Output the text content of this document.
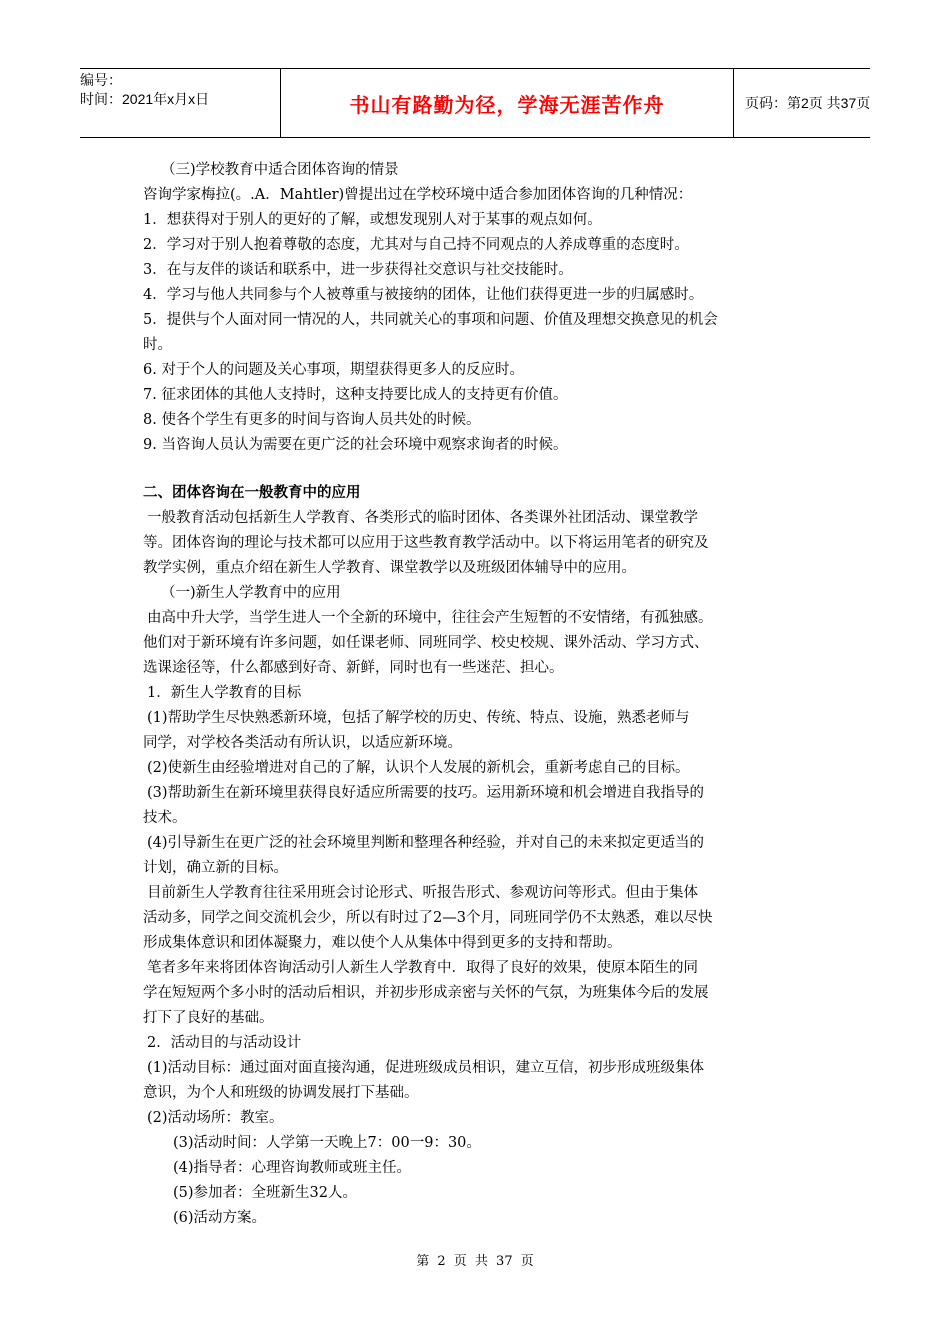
编号：
时间：2021年x月x日	书山有路勤为径，学海无涯苦作舟	页码：第2页 共37页
（三)学校教育中适合团体咨询的情景
咨询学家梅拉(。.A．Mahtler)曾提出过在学校环境中适合参加团体咨询的几种情况：
1．想获得对于别人的更好的了解，或想发现别人对于某事的观点如何。
2．学习对于别人抱着尊敬的态度，尤其对与自己持不同观点的人养成尊重的态度时。
3．在与友伴的谈话和联系中，进一步获得社交意识与社交技能时。
4．学习与他人共同参与个人被尊重与被接纳的团体，让他们获得更进一步的归属感时。
5．提供与个人面对同一情况的人，共同就关心的事项和问题、价值及理想交换意见的机会
时。
6. 对于个人的问题及关心事项，期望获得更多人的反应时。
7. 征求团体的其他人支持时，这种支持要比成人的支持更有价值。
8. 使各个学生有更多的时间与咨询人员共处的时候。
9. 当咨询人员认为需要在更广泛的社会环境中观察求询者的时候。
二、团体咨询在一般教育中的应用
一般教育活动包括新生人学教育、各类形式的临时团体、各类课外社团活动、课堂教学
等。团体咨询的理论与技术都可以应用于这些教育教学活动中。以下将运用笔者的研究及
教学实例，重点介绍在新生人学教育、课堂教学以及班级团体辅导中的应用。
（一)新生人学教育中的应用
由高中升大学，当学生进人一个全新的环境中，往往会产生短暂的不安情绪，有孤独感。
他们对于新环境有许多问题，如任课老师、同班同学、校史校规、课外活动、学习方式、
选课途径等，什么都感到好奇、新鲜，同时也有一些迷茫、担心。
1．新生人学教育的目标
(1)帮助学生尽快熟悉新环境，包括了解学校的历史、传统、特点、设施，熟悉老师与
同学，对学校各类活动有所认识，以适应新环境。
(2)使新生由经验增进对自己的了解，认识个人发展的新机会，重新考虑自己的目标。
(3)帮助新生在新环境里获得良好适应所需要的技巧。运用新环境和机会增进自我指导的
技术。
(4)引导新生在更广泛的社会环境里判断和整理各种经验，并对自己的未来拟定更适当的
计划，确立新的目标。
目前新生人学教育往往采用班会讨论形式、听报告形式、参观访问等形式。但由于集体
活动多，同学之间交流机会少，所以有时过了2—3个月，同班同学仍不太熟悉，难以尽快
形成集体意识和团体凝聚力，难以使个人从集体中得到更多的支持和帮助。
笔者多年来将团体咨询活动引人新生人学教育中．取得了良好的效果，使原本陌生的同
学在短短两个多小时的活动后相识，并初步形成亲密与关怀的气氛，为班集体今后的发展
打下了良好的基础。
2．活动目的与活动设计
(1)活动目标：通过面对面直接沟通，促进班级成员相识，建立互信，初步形成班级集体
意识，为个人和班级的协调发展打下基础。
(2)活动场所：教室。
(3)活动时间：人学第一天晚上7：00一9：30。
(4)指导者：心理咨询教师或班主任。
(5)参加者：全班新生32人。
(6)活动方案。
第 2 页 共 37 页
